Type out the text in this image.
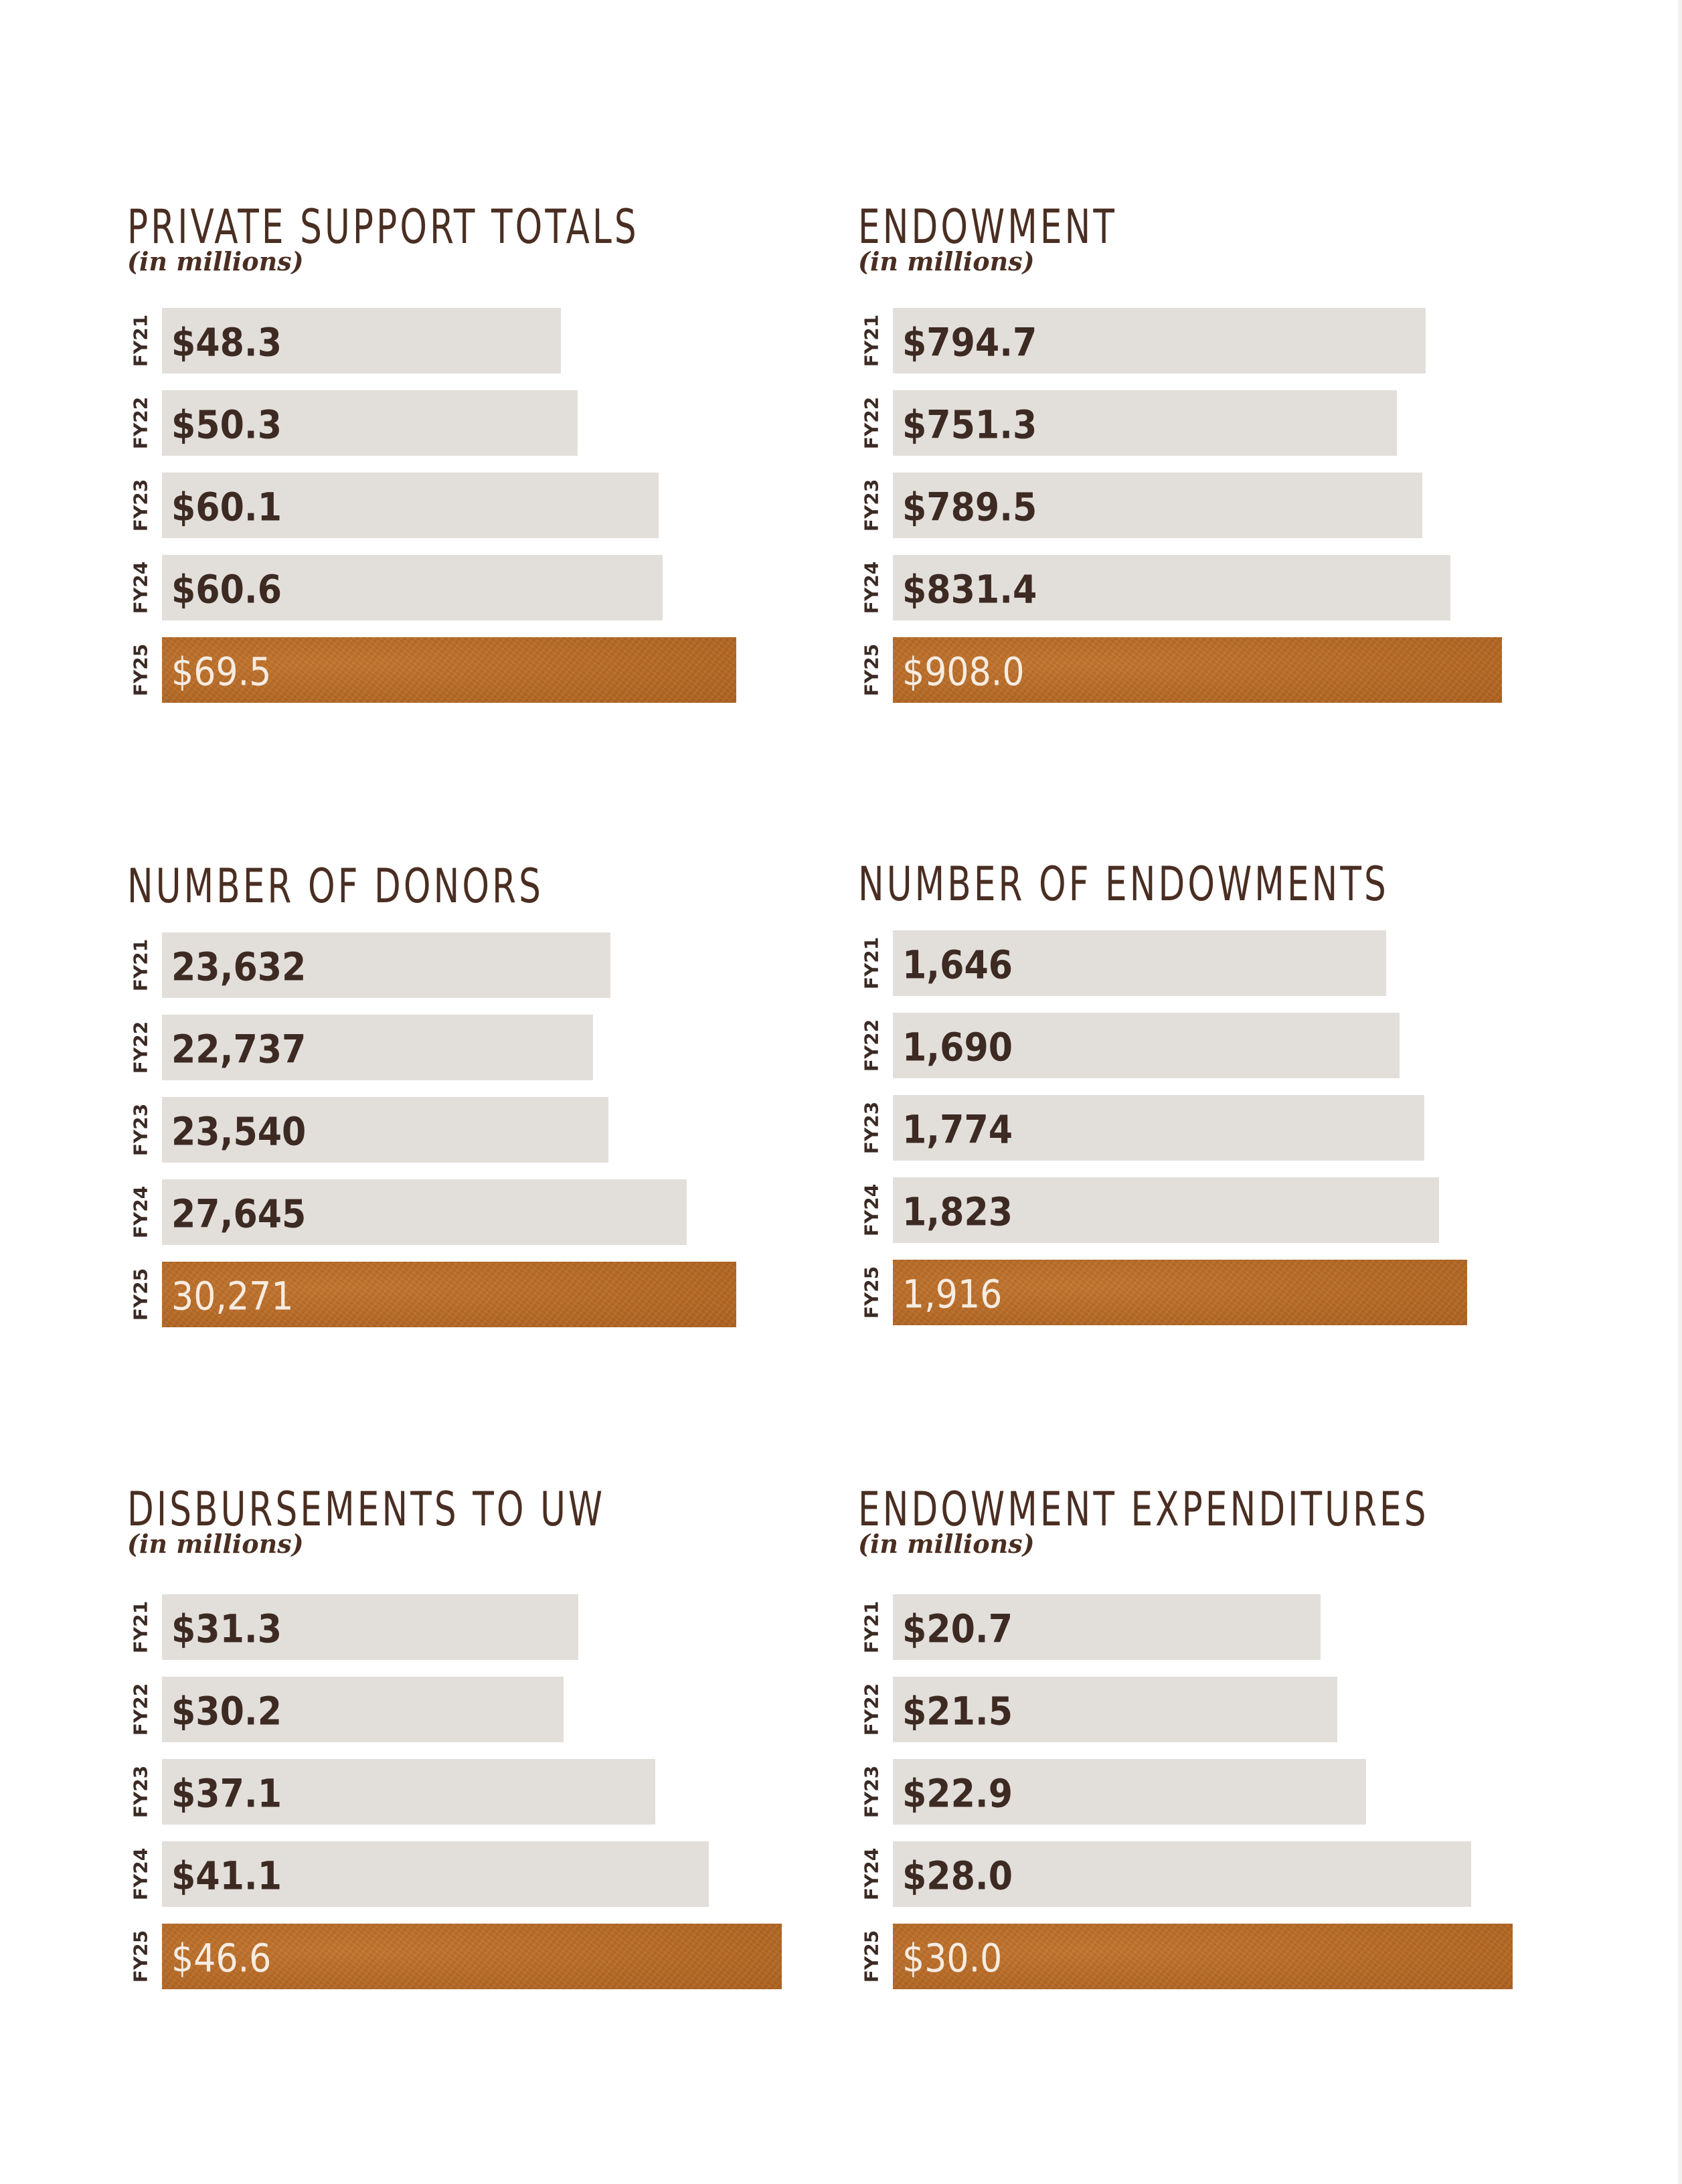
PRIVATE SUPPORT TOTALS
(in millions)
FY21 $48.3
FY22 $50.3
FY23 $60.1
FY24 $60.6
FY25 $69.5
ENDOWMENT
(in millions)
FY21 $794.7
FY22 $751.3
FY23 $789.5
FY24 $831.4
FY25 $908.0
NUMBER OF DONORS
FY21 23,632
FY22 22,737
FY23 23,540
FY24 27,645
FY25 30,271
NUMBER OF ENDOWMENTS
FY21 1,646
FY22 1,690
FY23 1,774
FY24 1,823
FY25 1,916
DISBURSEMENTS TO UW
(in millions)
FY21 $31.3
FY22 $30.2
FY23 $37.1
FY24 $41.1
FY25 $46.6
ENDOWMENT EXPENDITURES
(in millions)
FY21 $20.7
FY22 $21.5
FY23 $22.9
FY24 $28.0
FY25 $30.0
